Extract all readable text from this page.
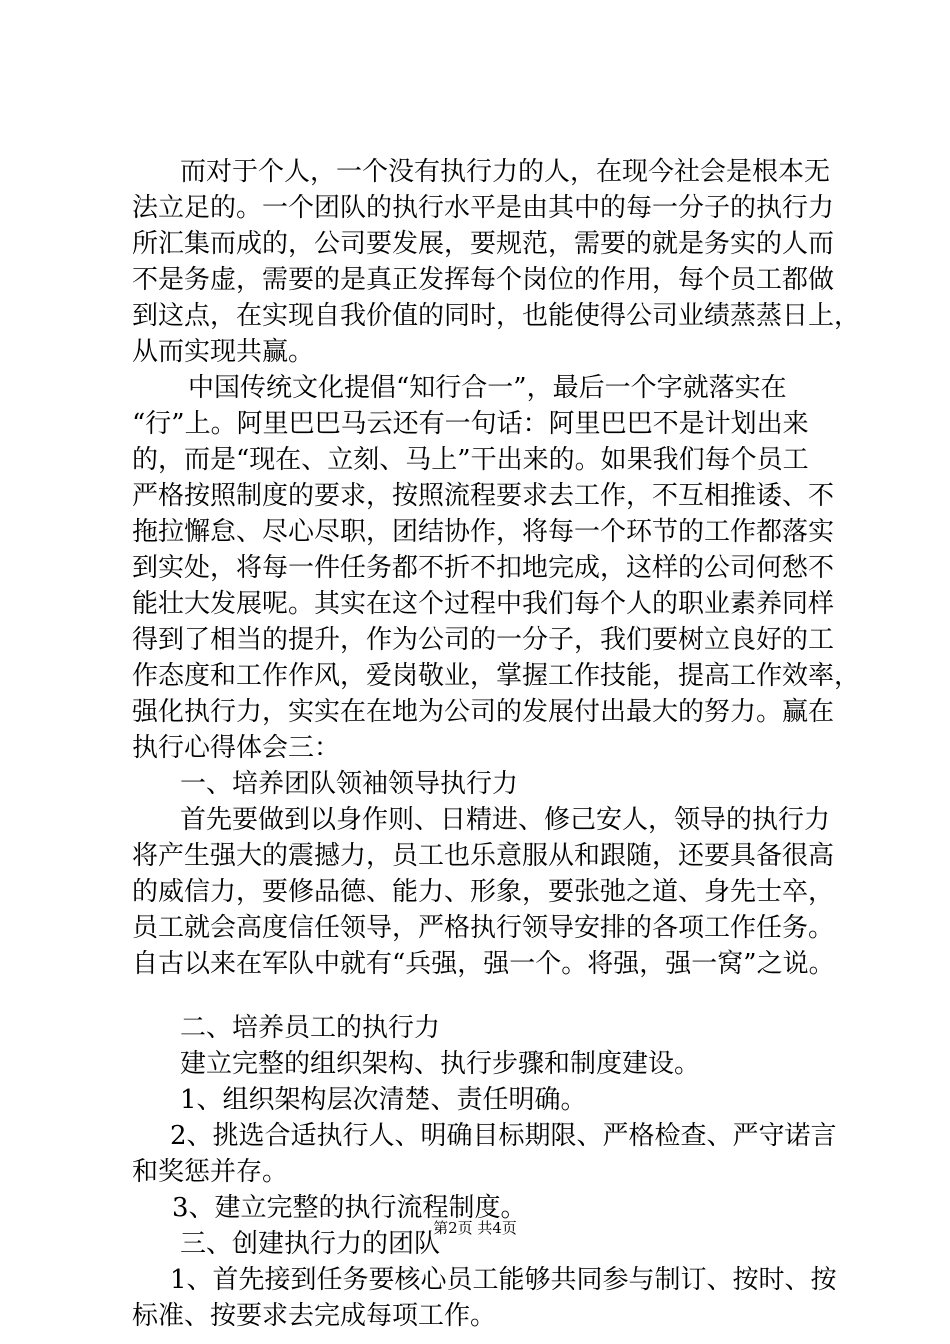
而对于个人，一个没有执行力的人，在现今社会是根本无
法立足的。一个团队的执行水平是由其中的每一分子的执行力
所汇集而成的，公司要发展，要规范，需要的就是务实的人而
不是务虚，需要的是真正发挥每个岗位的作用，每个员工都做
到这点，在实现自我价值的同时，也能使得公司业绩蒸蒸日上，
从而实现共赢。
中国传统文化提倡“知行合一”，最后一个字就落实在
“行”上。阿里巴巴马云还有一句话：阿里巴巴不是计划出来
的，而是“现在、立刻、马上”干出来的。如果我们每个员工
严格按照制度的要求，按照流程要求去工作，不互相推诿、不
拖拉懈怠、尽心尽职，团结协作，将每一个环节的工作都落实
到实处，将每一件任务都不折不扣地完成，这样的公司何愁不
能壮大发展呢。其实在这个过程中我们每个人的职业素养同样
得到了相当的提升，作为公司的一分子，我们要树立良好的工
作态度和工作作风，爱岗敬业，掌握工作技能，提高工作效率，
强化执行力，实实在在地为公司的发展付出最大的努力。赢在
执行心得体会三：
一、培养团队领袖领导执行力
首先要做到以身作则、日精进、修己安人，领导的执行力
将产生强大的震撼力，员工也乐意服从和跟随，还要具备很高
的威信力，要修品德、能力、形象，要张弛之道、身先士卒，
员工就会高度信任领导，严格执行领导安排的各项工作任务。
自古以来在军队中就有“兵强，强一个。将强，强一窝”之说。
二、培养员工的执行力
建立完整的组织架构、执行步骤和制度建设。
1、组织架构层次清楚、责任明确。
2、挑选合适执行人、明确目标期限、严格检查、严守诺言
和奖惩并存。
3、建立完整的执行流程制度。
三、创建执行力的团队
1、首先接到任务要核心员工能够共同参与制订、按时、按
标准、按要求去完成每项工作。
第2页 共4页
